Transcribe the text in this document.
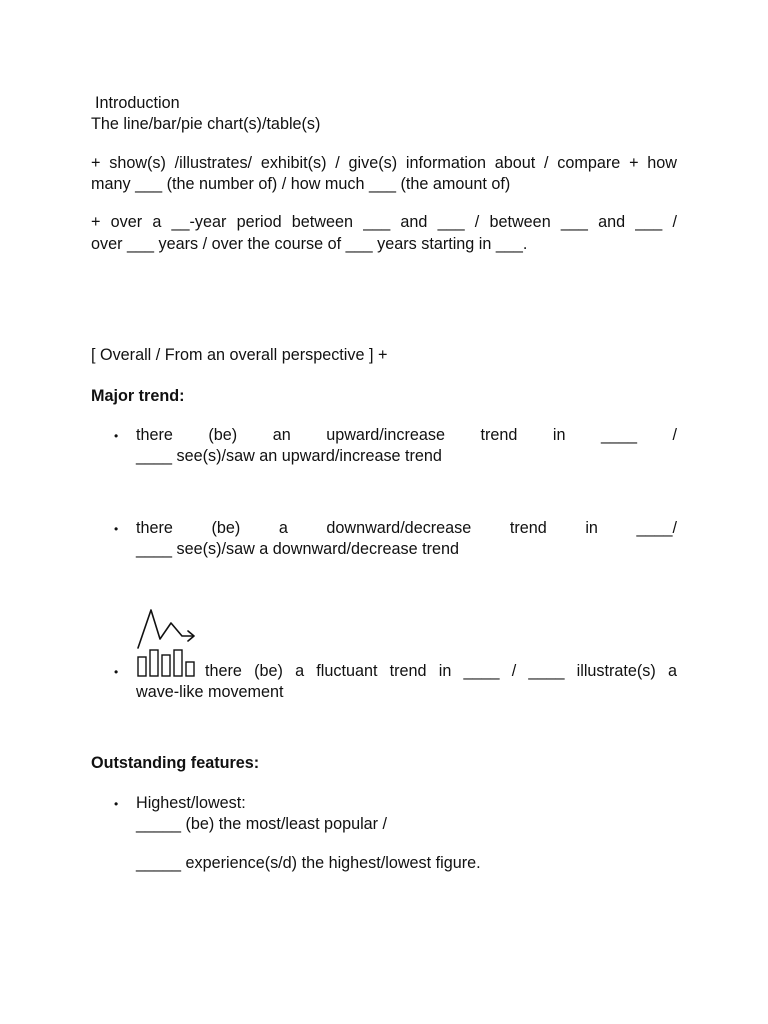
Introduction
The line/bar/pie chart(s)/table(s)
+ show(s) /illustrates/ exhibit(s) / give(s) information about / compare + how
many ___ (the number of) / how much ___ (the amount of)
+ over a __-year period between ___ and ___ / between ___ and ___ /
over ___ years / over the course of ___ years starting in ___.
[ Overall / From an overall perspective ] +
Major trend:
• there (be) an upward/increase trend in ____ /
____ see(s)/saw an upward/increase trend
• there (be) a downward/decrease trend in ____/
____ see(s)/saw a downward/decrease trend
•	there (be) a fluctuant trend in ____ / ____ illustrate(s) a
wave-like movement
Outstanding features:
• Highest/lowest:
_____ (be) the most/least popular /
_____ experience(s/d) the highest/lowest figure.
